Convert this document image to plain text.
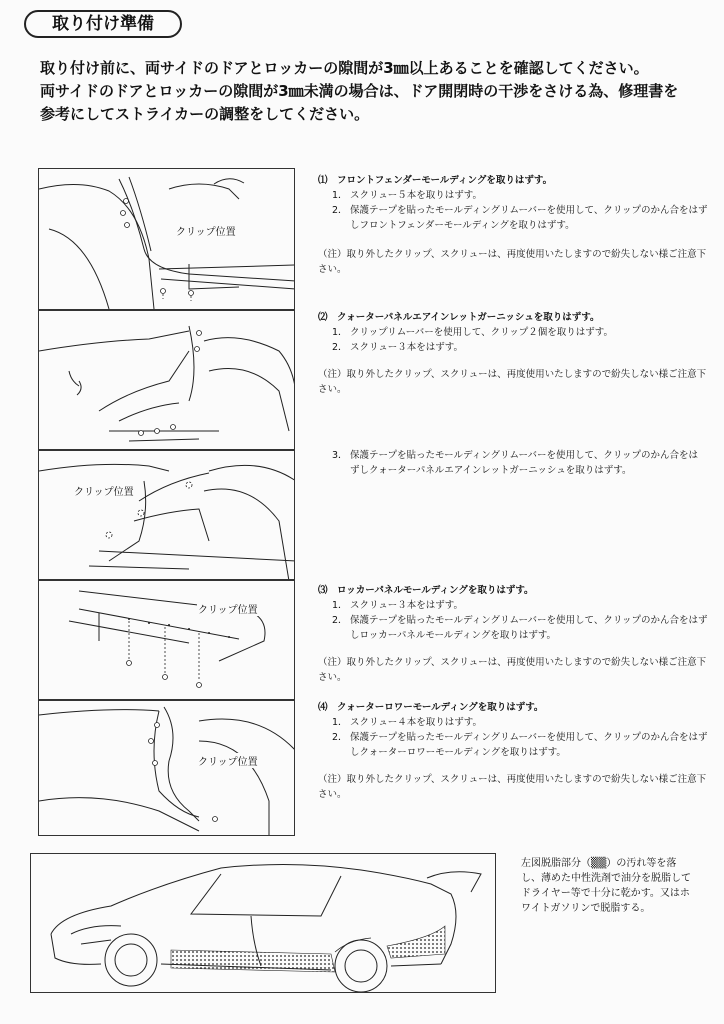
取り付け準備
取り付け前に、両サイドのドアとロッカーの隙間が3㎜以上あることを確認してください。
両サイドのドアとロッカーの隙間が3㎜未満の場合は、ドア開閉時の干渉をさける為、修理書を
参考にしてストライカーの調整をしてください。
クリップ位置
クリップ位置
クリップ位置
クリップ位置
⑴　フロントフェンダーモールディングを取りはずす。
1． スクリュー５本を取りはずす。
2． 保護テープを貼ったモールディングリムーバーを使用して、クリップのかん合をはずしフロントフェンダーモールディングを取りはずす。
（注）取り外したクリップ、スクリューは、再度使用いたしますので紛失しない様ご注意下さい。
⑵　クォーターパネルエアインレットガーニッシュを取りはずす。
1． クリップリムーバーを使用して、クリップ２個を取りはずす。
2． スクリュー３本をはずす。
（注）取り外したクリップ、スクリューは、再度使用いたしますので紛失しない様ご注意下さい。
3． 保護テープを貼ったモールディングリムーバーを使用して、クリップのかん合をはずしクォーターパネルエアインレットガーニッシュを取りはずす。
⑶　ロッカーパネルモールディングを取りはずす。
1． スクリュー３本をはずす。
2． 保護テープを貼ったモールディングリムーバーを使用して、クリップのかん合をはずしロッカーパネルモールディングを取りはずす。
（注）取り外したクリップ、スクリューは、再度使用いたしますので紛失しない様ご注意下さい。
⑷　クォーターロワーモールディングを取りはずす。
1． スクリュー４本を取りはずす。
2． 保護テープを貼ったモールディングリムーバーを使用して、クリップのかん合をはずしクォーターロワーモールディングを取りはずす。
（注）取り外したクリップ、スクリューは、再度使用いたしますので紛失しない様ご注意下さい。
左図脱脂部分（▒▒）の汚れ等を落し、薄めた中性洗剤で油分を脱脂してドライヤー等で十分に乾かす。又はホワイトガソリンで脱脂する。
